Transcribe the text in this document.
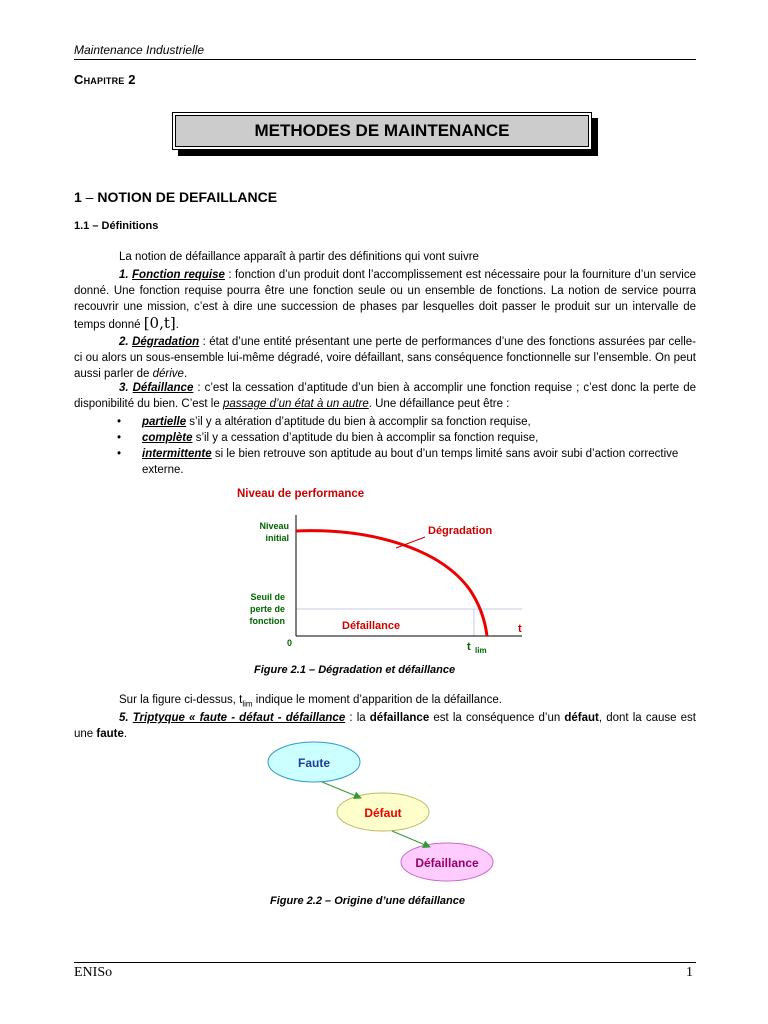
Maintenance Industrielle
Chapitre 2
METHODES DE MAINTENANCE
1 – NOTION DE DEFAILLANCE
1.1 – Définitions
La notion de défaillance apparaît à partir des définitions qui vont suivre
1. Fonction requise : fonction d’un produit dont l’accomplissement est nécessaire pour la fourniture d’un service donné. Une fonction requise pourra être une fonction seule ou un ensemble de fonctions. La notion de service pourra recouvrir une mission, c’est à dire une succession de phases par lesquelles doit passer le produit sur un intervalle de temps donné [0,t].
2. Dégradation : état d’une entité présentant une perte de performances d’une des fonctions assurées par celle-ci ou alors un sous-ensemble lui-même dégradé, voire défaillant, sans conséquence fonctionnelle sur l’ensemble. On peut aussi parler de dérive.
3. Défaillance : c’est la cessation d’aptitude d’un bien à accomplir une fonction requise ; c’est donc la perte de disponibilité du bien. C’est le passage d’un état à un autre. Une défaillance peut être :
• partielle s’il y a altération d’aptitude du bien à accomplir sa fonction requise,
• complète s’il y a cessation d’aptitude du bien à accomplir sa fonction requise,
• intermittente si le bien retrouve son aptitude au bout d’un temps limité sans avoir subi d’action corrective externe.
Niveau de performance
Niveau
initial
Seuil de
perte de
fonction
0
Dégradation
Défaillance	t
t lim
Figure 2.1 – Dégradation et défaillance
Sur la figure ci-dessus, $t_{lim}$ indique le moment d’apparition de la défaillance.
5. Triptyque « faute - défaut - défaillance : la défaillance est la conséquence d’un défaut, dont la cause est une faute.
Faute
Défaut
Défaillance
Figure 2.2 – Origine d’une défaillance
ENISo	1
